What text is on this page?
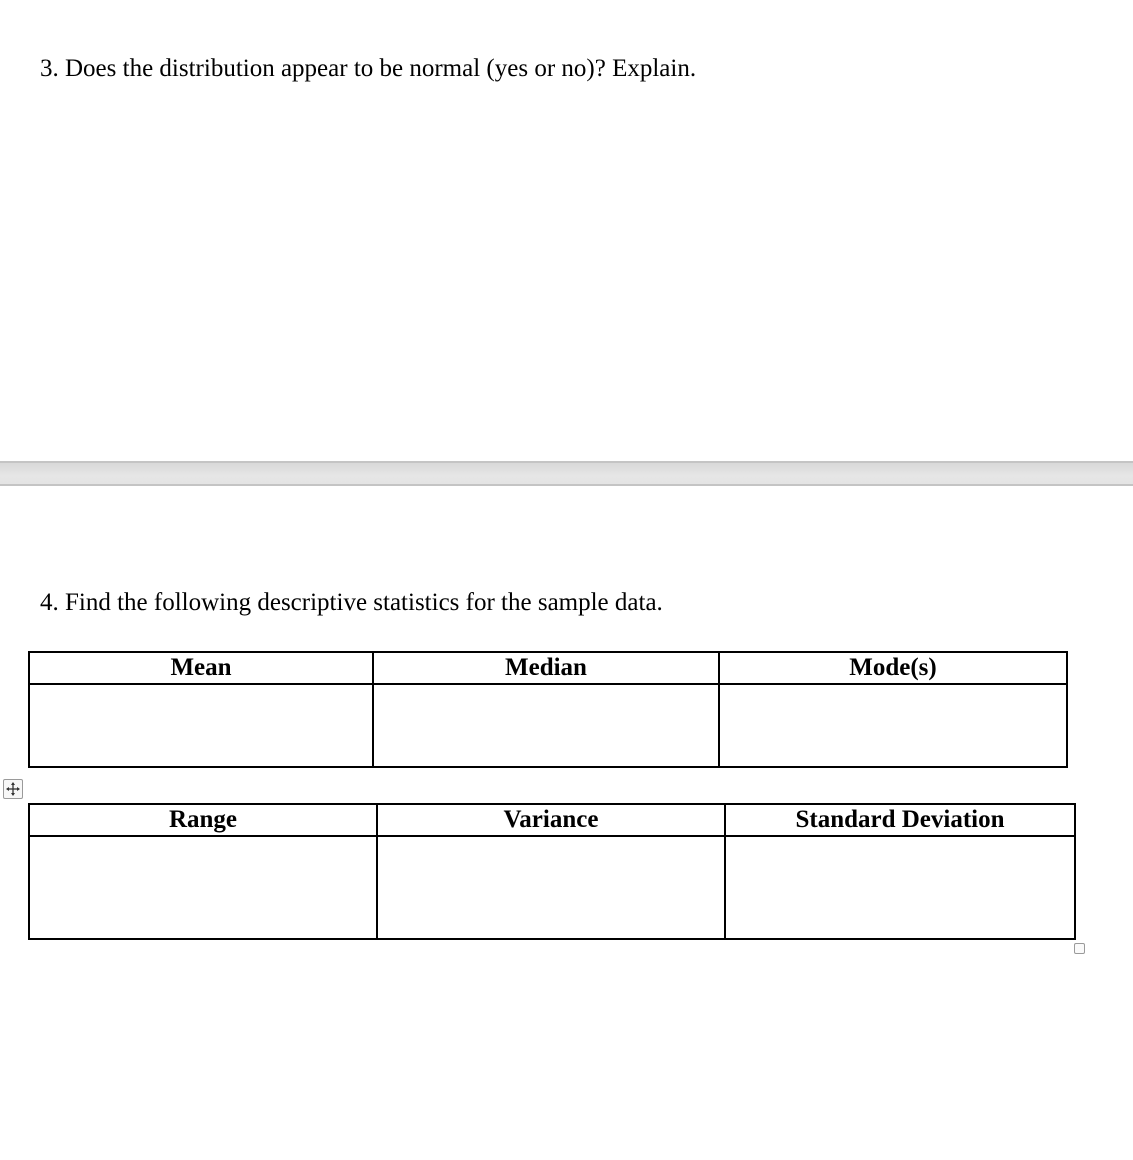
3. Does the distribution appear to be normal (yes or no)? Explain.
4. Find the following descriptive statistics for the sample data.
Mean	Median	Mode(s)

Range	Variance	Standard Deviation
